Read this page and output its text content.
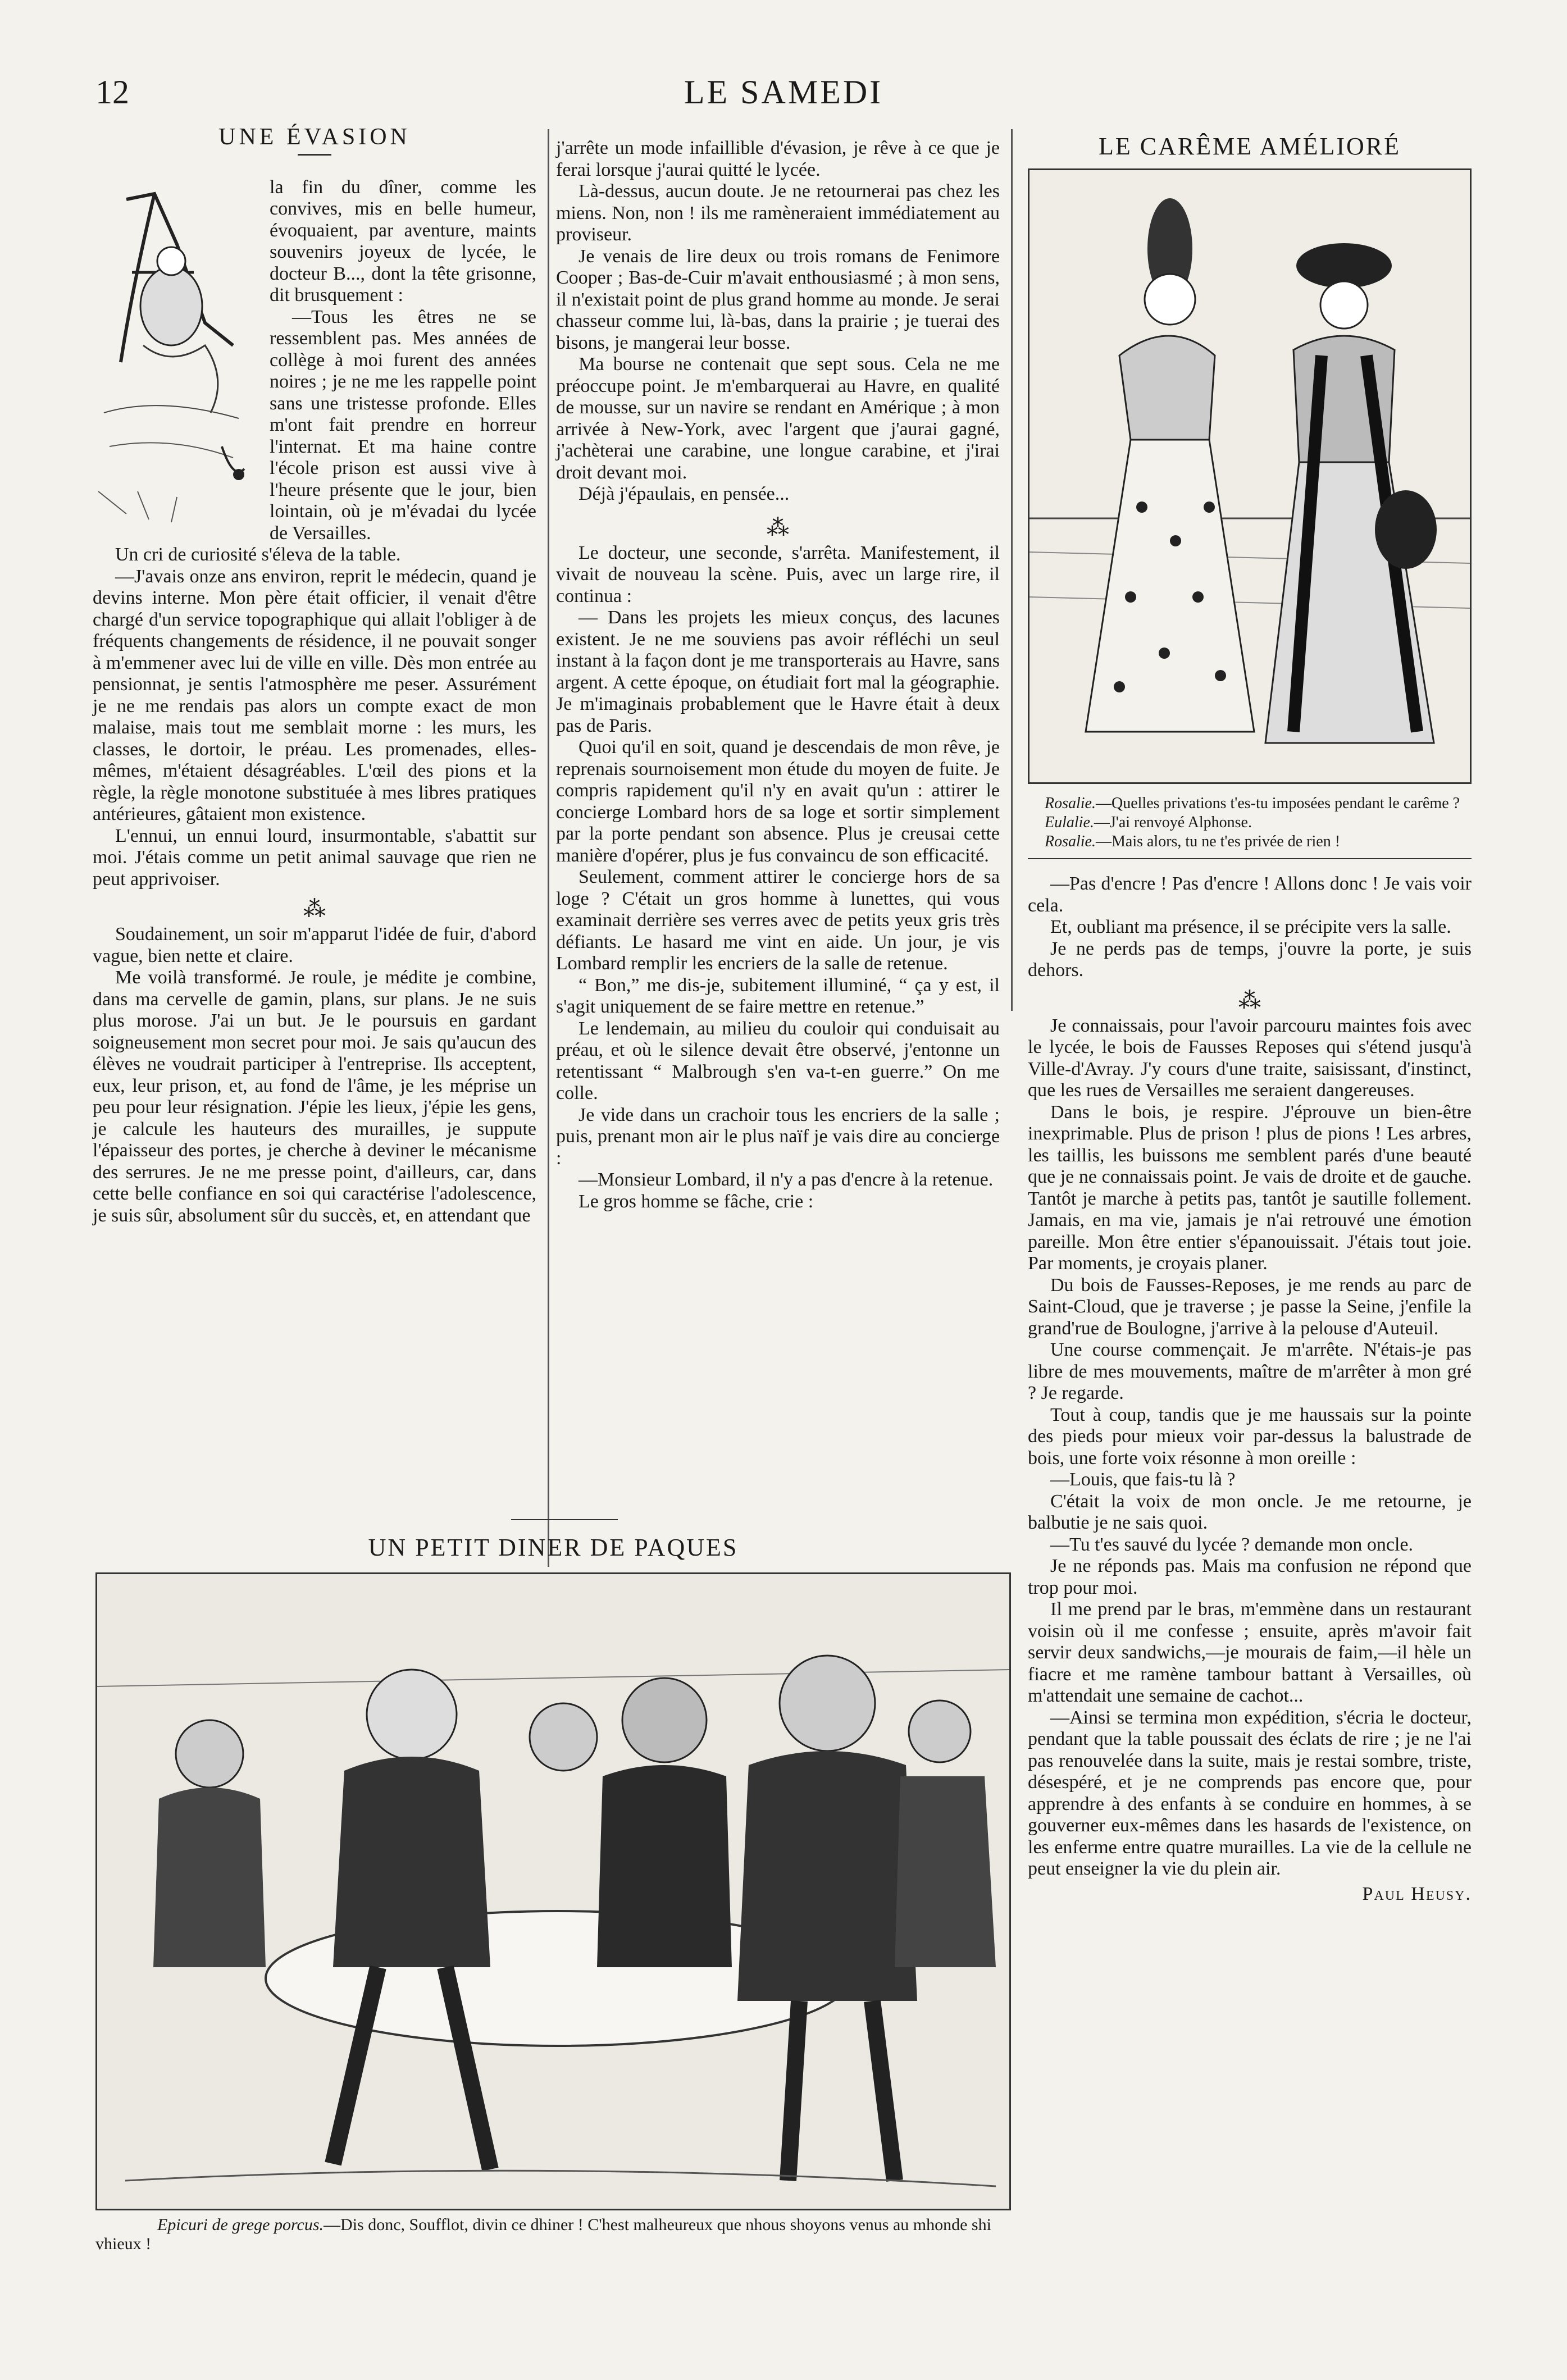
12	LE SAMEDI
UNE ÉVASION

la fin du dîner, comme les convives, mis en belle humeur, évoquaient, par aventure, maints souvenirs joyeux de lycée, le docteur B..., dont la tête grisonne, dit brusquement :

—Tous les êtres ne se ressemblent pas. Mes années de collège à moi furent des années noires ; je ne me les rappelle point sans une tristesse profonde. Elles m'ont fait prendre en horreur l'internat. Et ma haine contre l'école prison est aussi vive à l'heure présente que le jour, bien lointain, où je m'évadai du lycée de Versailles.

Un cri de curiosité s'éleva de la table.

—J'avais onze ans environ, reprit le médecin, quand je devins interne. Mon père était officier, il venait d'être chargé d'un service topographique qui allait l'obliger à de fréquents changements de résidence, il ne pouvait songer à m'emmener avec lui de ville en ville. Dès mon entrée au pensionnat, je sentis l'atmosphère me peser. Assurément je ne me rendais pas alors un compte exact de mon malaise, mais tout me semblait morne : les murs, les classes, le dortoir, le préau. Les promenades, elles-mêmes, m'étaient désagréables. L'œil des pions et la règle, la règle monotone substituée à mes libres pratiques antérieures, gâtaient mon existence.

L'ennui, un ennui lourd, insurmontable, s'abattit sur moi. J'étais comme un petit animal sauvage que rien ne peut apprivoiser.

⁂

Soudainement, un soir m'apparut l'idée de fuir, d'abord vague, bien nette et claire.

Me voilà transformé. Je roule, je médite je combine, dans ma cervelle de gamin, plans, sur plans. Je ne suis plus morose. J'ai un but. Je le poursuis en gardant soigneusement mon secret pour moi. Je sais qu'aucun des élèves ne voudrait participer à l'entreprise. Ils acceptent, eux, leur prison, et, au fond de l'âme, je les méprise un peu pour leur résignation. J'épie les lieux, j'épie les gens, je calcule les hauteurs des murailles, je suppute l'épaisseur des portes, je cherche à deviner le mécanisme des serrures. Je ne me presse point, d'ailleurs, car, dans cette belle confiance en soi qui caractérise l'adolescence, je suis sûr, absolument sûr du succès, et, en attendant que

j'arrête un mode infaillible d'évasion, je rêve à ce que je ferai lorsque j'aurai quitté le lycée.

Là-dessus, aucun doute. Je ne retournerai pas chez les miens. Non, non ! ils me ramèneraient immédiatement au proviseur.

Je venais de lire deux ou trois romans de Fenimore Cooper ; Bas-de-Cuir m'avait enthousiasmé ; à mon sens, il n'existait point de plus grand homme au monde. Je serai chasseur comme lui, là-bas, dans la prairie ; je tuerai des bisons, je mangerai leur bosse.

Ma bourse ne contenait que sept sous. Cela ne me préoccupe point. Je m'embarquerai au Havre, en qualité de mousse, sur un navire se rendant en Amérique ; à mon arrivée à New-York, avec l'argent que j'aurai gagné, j'achèterai une carabine, une longue carabine, et j'irai droit devant moi.

Déjà j'épaulais, en pensée...

⁂

Le docteur, une seconde, s'arrêta. Manifestement, il vivait de nouveau la scène. Puis, avec un large rire, il continua :

— Dans les projets les mieux conçus, des lacunes existent. Je ne me souviens pas avoir réfléchi un seul instant à la façon dont je me transporterais au Havre, sans argent. A cette époque, on étudiait fort mal la géographie. Je m'imaginais probablement que le Havre était à deux pas de Paris.

Quoi qu'il en soit, quand je descendais de mon rêve, je reprenais sournoisement mon étude du moyen de fuite. Je compris rapidement qu'il n'y en avait qu'un : attirer le concierge Lombard hors de sa loge et sortir simplement par la porte pendant son absence. Plus je creusai cette manière d'opérer, plus je fus convaincu de son efficacité.

Seulement, comment attirer le concierge hors de sa loge ? C'était un gros homme à lunettes, qui vous examinait derrière ses verres avec de petits yeux gris très défiants. Le hasard me vint en aide. Un jour, je vis Lombard remplir les encriers de la salle de retenue.

“ Bon,” me dis-je, subitement illuminé, “ ça y est, il s'agit uniquement de se faire mettre en retenue.”

Le lendemain, au milieu du couloir qui conduisait au préau, et où le silence devait être observé, j'entonne un retentissant “ Malbrough s'en va-t-en guerre.” On me colle.

Je vide dans un crachoir tous les encriers de la salle ; puis, prenant mon air le plus naïf je vais dire au concierge :

—Monsieur Lombard, il n'y a pas d'encre à la retenue.

Le gros homme se fâche, crie :

LE CARÊME AMÉLIORÉ
Rosalie.—Quelles privations t'es-tu imposées pendant le carême ?
Eulalie.—J'ai renvoyé Alphonse.
Rosalie.—Mais alors, tu ne t'es privée de rien !

—Pas d'encre ! Pas d'encre ! Allons donc ! Je vais voir cela.

Et, oubliant ma présence, il se précipite vers la salle.

Je ne perds pas de temps, j'ouvre la porte, je suis dehors.

⁂

Je connaissais, pour l'avoir parcouru maintes fois avec le lycée, le bois de Fausses Reposes qui s'étend jusqu'à Ville-d'Avray. J'y cours d'une traite, saisissant, d'instinct, que les rues de Versailles me seraient dangereuses.

Dans le bois, je respire. J'éprouve un bien-être inexprimable. Plus de prison ! plus de pions ! Les arbres, les taillis, les buissons me semblent parés d'une beauté que je ne connaissais point. Je vais de droite et de gauche. Tantôt je marche à petits pas, tantôt je sautille follement. Jamais, en ma vie, jamais je n'ai retrouvé une émotion pareille. Mon être entier s'épanouissait. J'étais tout joie. Par moments, je croyais planer.

Du bois de Fausses-Reposes, je me rends au parc de Saint-Cloud, que je traverse ; je passe la Seine, j'enfile la grand'rue de Boulogne, j'arrive à la pelouse d'Auteuil.

Une course commençait. Je m'arrête. N'étais-je pas libre de mes mouvements, maître de m'arrêter à mon gré ? Je regarde.

Tout à coup, tandis que je me haussais sur la pointe des pieds pour mieux voir par-dessus la balustrade de bois, une forte voix résonne à mon oreille :

—Louis, que fais-tu là ?

C'était la voix de mon oncle. Je me retourne, je balbutie je ne sais quoi.

—Tu t'es sauvé du lycée ? demande mon oncle.

Je ne réponds pas. Mais ma confusion ne répond que trop pour moi.

Il me prend par le bras, m'emmène dans un restaurant voisin où il me confesse ; ensuite, après m'avoir fait servir deux sandwichs,—je mourais de faim,—il hèle un fiacre et me ramène tambour battant à Versailles, où m'attendait une semaine de cachot...

—Ainsi se termina mon expédition, s'écria le docteur, pendant que la table poussait des éclats de rire ; je ne l'ai pas renouvelée dans la suite, mais je restai sombre, triste, désespéré, et je ne comprends pas encore que, pour apprendre à des enfants à se conduire en hommes, à se gouverner eux-mêmes dans les hasards de l'existence, on les enferme entre quatre murailles. La vie de la cellule ne peut enseigner la vie du plein air.

Paul Heusy.
UN PETIT DINER DE PAQUES
Epicuri de grege porcus.—Dis donc, Soufflot, divin ce dhiner ! C'hest malheureux que nhous shoyons venus au mhonde shi vhieux !
